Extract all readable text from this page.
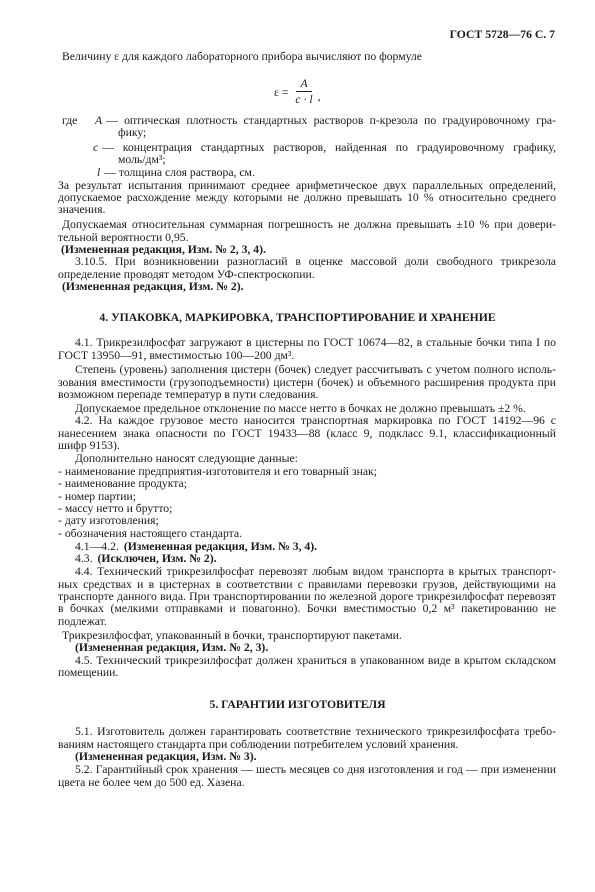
ГОСТ 5728—76 С. 7
Величину ε для каждого лабораторного прибора вычисляют по формуле
$\varepsilon = \frac{A}{c \cdot l}$ ,
где A — оптическая плотность стандартных растворов п-крезола по градуировочному гра-
фику;
c — концентрация стандартных растворов, найденная по градуировочному графику,
моль/дм³;
l — толщина слоя раствора, см.
За результат испытания принимают среднее арифметическое двух параллельных определений,
допускаемое расхождение между которыми не должно превышать 10 % относительно среднего
значения.
Допускаемая относительная суммарная погрешность не должна превышать ±10 % при довери-
тельной вероятности 0,95.
(Измененная редакция, Изм. № 2, 3, 4).
3.10.5. При возникновении разногласий в оценке массовой доли свободного трикрезола
определение проводят методом УФ-спектроскопии.
(Измененная редакция, Изм. № 2).
4. УПАКОВКА, МАРКИРОВКА, ТРАНСПОРТИРОВАНИЕ И ХРАНЕНИЕ
4.1. Трикрезилфосфат загружают в цистерны по ГОСТ 10674—82, в стальные бочки типа I по
ГОСТ 13950—91, вместимостью 100—200 дм³.
Степень (уровень) заполнения цистерн (бочек) следует рассчитывать с учетом полного исполь-
зования вместимости (грузоподъемности) цистерн (бочек) и объемного расширения продукта при
возможном перепаде температур в пути следования.
Допускаемое предельное отклонение по массе нетто в бочках не должно превышать ±2 %.
4.2. На каждое грузовое место наносится транспортная маркировка по ГОСТ 14192—96 с
нанесением знака опасности по ГОСТ 19433—88 (класс 9, подкласс 9.1, классификационный
шифр 9153).
Дополнительно наносят следующие данные:
- наименование предприятия-изготовителя и его товарный знак;
- наименование продукта;
- номер партии;
- массу нетто и брутто;
- дату изготовления;
- обозначения настоящего стандарта.
4.1—4.2. (Измененная редакция, Изм. № 3, 4).
4.3. (Исключен, Изм. № 2).
4.4. Технический трикрезилфосфат перевозят любым видом транспорта в крытых транспорт-
ных средствах и в цистернах в соответствии с правилами перевозки грузов, действующими на
транспорте данного вида. При транспортировании по железной дороге трикрезилфосфат перевозят
в бочках (мелкими отправками и повагонно). Бочки вместимостью 0,2 м³ пакетированию не
подлежат.
Трикрезилфосфат, упакованный в бочки, транспортируют пакетами.
(Измененная редакция, Изм. № 2, 3).
4.5. Технический трикрезилфосфат должен храниться в упакованном виде в крытом складском
помещении.
5. ГАРАНТИИ ИЗГОТОВИТЕЛЯ
5.1. Изготовитель должен гарантировать соответствие технического трикрезилфосфата требо-
ваниям настоящего стандарта при соблюдении потребителем условий хранения.
(Измененная редакция, Изм. № 3).
5.2. Гарантийный срок хранения — шесть месяцев со дня изготовления и год — при изменении
цвета не более чем до 500 ед. Хазена.
